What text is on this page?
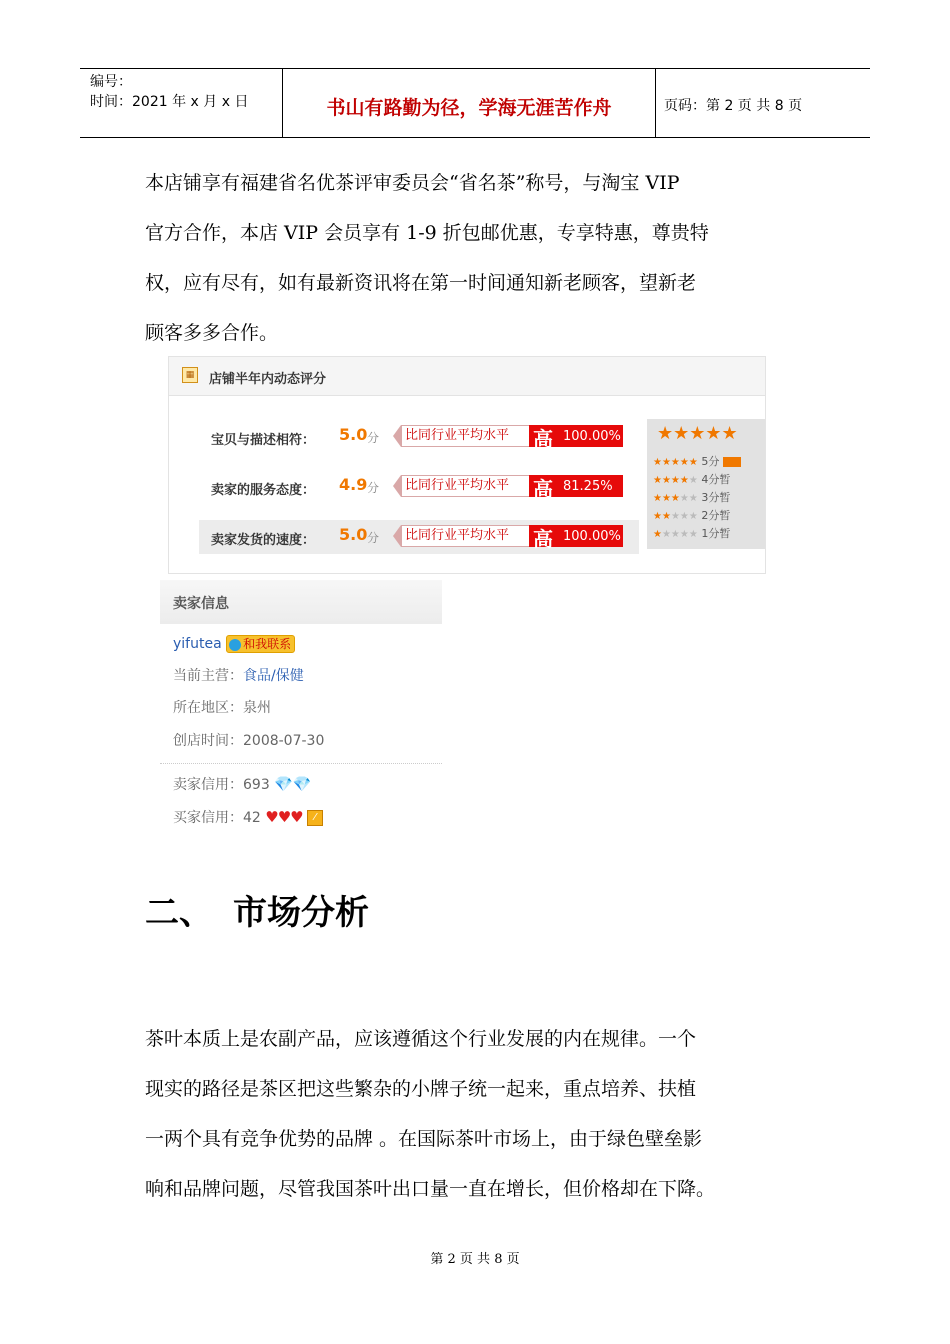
编号：
时间：2021 年 x 月 x 日	书山有路勤为径，学海无涯苦作舟	页码：第 2 页 共 8 页

本店铺享有福建省名优茶评审委员会“省名茶”称号，与淘宝 VIP

官方合作，本店 VIP 会员享有 1-9 折包邮优惠，专享特惠，尊贵特

权，应有尽有，如有最新资讯将在第一时间通知新老顾客，望新老

顾客多多合作。

▦ 店铺半年内动态评分
宝贝与描述相符： 5.0 分	比同行业平均水平	高 100.00%
卖家的服务态度： 4.9 分	比同行业平均水平	高 81.25%
卖家发货的速度： 5.0 分	比同行业平均水平	高 100.00%
★★★★★
★★★★★ 5分
★★★★★ 4分暂
★★★★★ 3分暂
★★★★★ 2分暂
★★★★★ 1分暂
卖家信息
yifutea 和我联系
当前主营：食品/保健
所在地区：泉州
创店时间：2008-07-30
卖家信用：693 💎💎
买家信用：42 ♥♥♥ ⁄
二、 市场分析

茶叶本质上是农副产品，应该遵循这个行业发展的内在规律。一个

现实的路径是茶区把这些繁杂的小牌子统一起来，重点培养、扶植

一两个具有竞争优势的品牌 。在国际茶叶市场上，由于绿色壁垒影

响和品牌问题，尽管我国茶叶出口量一直在增长，但价格却在下降。

第 2 页 共 8 页
